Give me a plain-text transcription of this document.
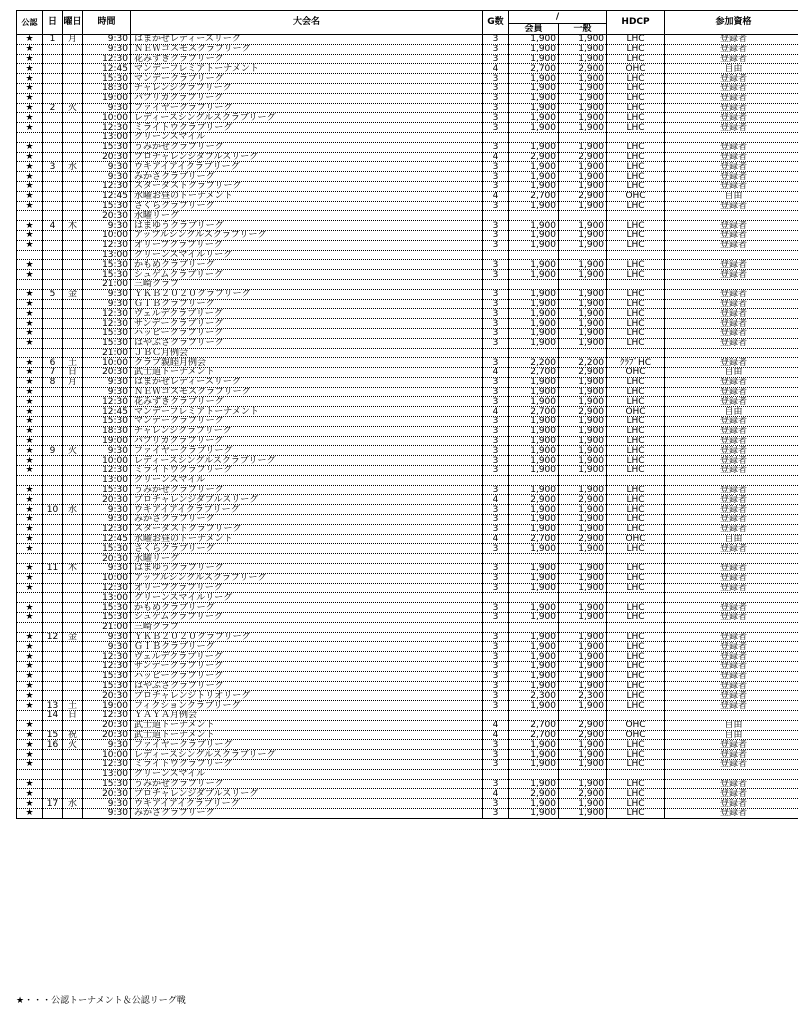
公認	日	曜日	時間	大会名	G数	/		HDCP	参加資格
						会員	一般		
★	1	月	9:30	はまかぜレディースリーグ	3	1,900	1,900	LHC	登録者
★			9:30	ＮＥＷコスモスクラブリーグ	3	1,900	1,900	LHC	登録者
★			12:30	花みずきクラブリーグ	3	1,900	1,900	LHC	登録者
★			12:45	マンデーフレミアトーナメント	4	2,700	2,900	OHC	自由
★			15:30	マンデークラブリーグ	3	1,900	1,900	LHC	登録者
★			18:30	チャレンジクラブリーグ	3	1,900	1,900	LHC	登録者
★			19:00	パプリカクラブリーグ	3	1,900	1,900	LHC	登録者
★	2	火	9:30	ファイヤークラブリーグ	3	1,900	1,900	LHC	登録者
★			10:00	レディースシングルスクラブリーグ	3	1,900	1,900	LHC	登録者
★			12:30	ミライトウクラブリーグ	3	1,900	1,900	LHC	登録者
			13:00	グリーンスマイル					
★			15:30	うみかぜクラブリーグ	3	1,900	1,900	LHC	登録者
★			20:30	プロチャレンジダブルスリーグ	4	2,900	2,900	LHC	登録者
★	3	水	9:30	ウキアイアイクラブリーグ	3	1,900	1,900	LHC	登録者
★			9:30	みかさクラブリーグ	3	1,900	1,900	LHC	登録者
★			12:30	スターダストクラブリーグ	3	1,900	1,900	LHC	登録者
★			12:45	水曜お昼のトーナメント	4	2,700	2,900	OHC	自由
★			15:30	さくらクラブリーグ	3	1,900	1,900	LHC	登録者
			20:30	水曜リーグ					
★	4	木	9:30	はまゆうクラブリーグ	3	1,900	1,900	LHC	登録者
★			10:00	アップルシングルスクラブリーグ	3	1,900	1,900	LHC	登録者
★			12:30	オリーブクラブリーグ	3	1,900	1,900	LHC	登録者
			13:00	グリーンスマイルリーグ					
★			15:30	かもめクラブリーグ	3	1,900	1,900	LHC	登録者
★			15:30	シュゲムクラブリーグ	3	1,900	1,900	LHC	登録者
			21:00	三崎クラブ					
★	5	金	9:30	ＹＫＢ２０２０クラブリーグ	3	1,900	1,900	LHC	登録者
★			9:30	ＧＩＢクラブリーグ	3	1,900	1,900	LHC	登録者
★			12:30	ヴェルデクラブリーグ	3	1,900	1,900	LHC	登録者
★			12:30	サンデークラブリーグ	3	1,900	1,900	LHC	登録者
★			15:30	ハッピークラブリーグ	3	1,900	1,900	LHC	登録者
★			15:30	はやぶさクラブリーグ	3	1,900	1,900	LHC	登録者
			21:00	ＪＢＣ月例会					
★	6	土	10:00	クラブ親睦月例会	3	2,200	2,200	ｸﾗﾌﾞHC	登録者
★	7	日	20:30	武士道トーナメント	4	2,700	2,900	OHC	自由
★	8	月	9:30	はまかぜレディースリーグ	3	1,900	1,900	LHC	登録者
★			9:30	ＮＥＷコスモスクラブリーグ	3	1,900	1,900	LHC	登録者
★			12:30	花みずきクラブリーグ	3	1,900	1,900	LHC	登録者
★			12:45	マンデーフレミアトーナメント	4	2,700	2,900	OHC	自由
★			15:30	マンデークラブリーグ	3	1,900	1,900	LHC	登録者
★			18:30	チャレンジクラブリーグ	3	1,900	1,900	LHC	登録者
★			19:00	パプリカクラブリーグ	3	1,900	1,900	LHC	登録者
★	9	火	9:30	ファイヤークラブリーグ	3	1,900	1,900	LHC	登録者
★			10:00	レディースシングルスクラブリーグ	3	1,900	1,900	LHC	登録者
★			12:30	ミライトウクラブリーグ	3	1,900	1,900	LHC	登録者
			13:00	グリーンスマイル					
★			15:30	うみかぜクラブリーグ	3	1,900	1,900	LHC	登録者
★			20:30	プロチャレンジダブルスリーグ	4	2,900	2,900	LHC	登録者
★	10	水	9:30	ウキアイアイクラブリーグ	3	1,900	1,900	LHC	登録者
★			9:30	みかさクラブリーグ	3	1,900	1,900	LHC	登録者
★			12:30	スターダストクラブリーグ	3	1,900	1,900	LHC	登録者
★			12:45	水曜お昼のトーナメント	4	2,700	2,900	OHC	自由
★			15:30	さくらクラブリーグ	3	1,900	1,900	LHC	登録者
			20:30	水曜リーグ					
★	11	木	9:30	はまゆうクラブリーグ	3	1,900	1,900	LHC	登録者
★			10:00	アップルシングルスクラブリーグ	3	1,900	1,900	LHC	登録者
★			12:30	オリーブクラブリーグ	3	1,900	1,900	LHC	登録者
			13:00	グリーンスマイルリーグ					
★			15:30	かもめクラブリーグ	3	1,900	1,900	LHC	登録者
★			15:30	シュゲムクラブリーグ	3	1,900	1,900	LHC	登録者
			21:00	三崎クラブ					
★	12	金	9:30	ＹＫＢ２０２０クラブリーグ	3	1,900	1,900	LHC	登録者
★			9:30	ＧＩＢクラブリーグ	3	1,900	1,900	LHC	登録者
★			12:30	ヴェルデクラブリーグ	3	1,900	1,900	LHC	登録者
★			12:30	サンデークラブリーグ	3	1,900	1,900	LHC	登録者
★			15:30	ハッピークラブリーグ	3	1,900	1,900	LHC	登録者
★			15:30	はやぶさクラブリーグ	3	1,900	1,900	LHC	登録者
★			20:30	プロチャレンジトリオリーグ	3	2,300	2,300	LHC	登録者
★	13	土	19:00	フィクションクラブリーグ	3	1,900	1,900	LHC	登録者
	14	日	12:30	ＹＡＹＡ月例会					
★			20:30	武士道トーナメント	4	2,700	2,900	OHC	自由
★	15	祝	20:30	武士道トーナメント	4	2,700	2,900	OHC	自由
★	16	火	9:30	ファイヤークラブリーグ	3	1,900	1,900	LHC	登録者
★			10:00	レディースシングルスクラブリーグ	3	1,900	1,900	LHC	登録者
★			12:30	ミライトウクラブリーグ	3	1,900	1,900	LHC	登録者
			13:00	グリーンスマイル					
★			15:30	うみかぜクラブリーグ	3	1,900	1,900	LHC	登録者
★			20:30	プロチャレンジダブルスリーグ	4	2,900	2,900	LHC	登録者
★	17	水	9:30	ウキアイアイクラブリーグ	3	1,900	1,900	LHC	登録者
★			9:30	みかさクラブリーグ	3	1,900	1,900	LHC	登録者
★・・・公認トーナメント＆公認リーグ戦
